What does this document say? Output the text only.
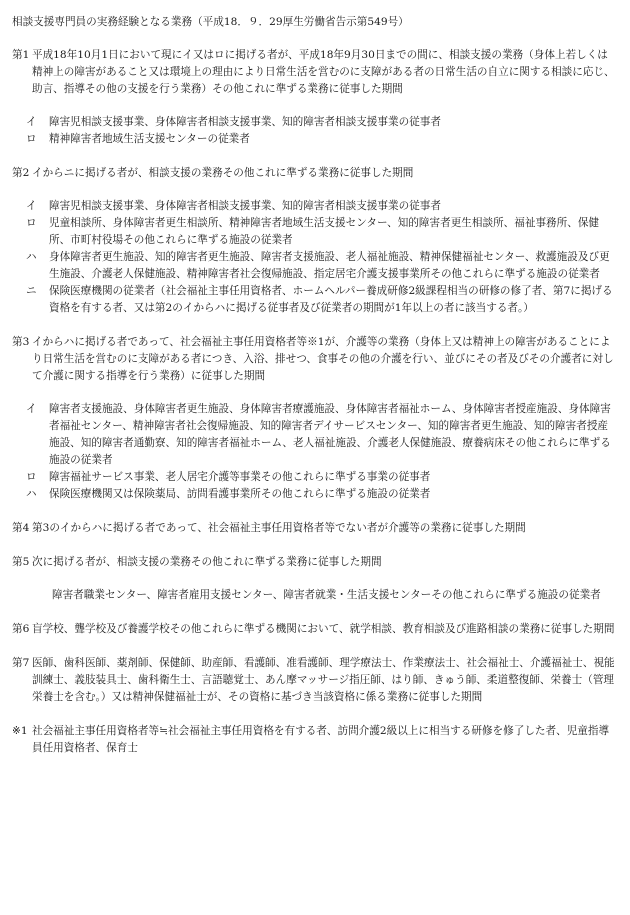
相談支援専門員の実務経験となる業務（平成18．９．29厚生労働省告示第549号）
第1 平成18年10月1日において現にイ又はロに掲げる者が、平成18年9月30日までの間に、相談支援の業務（身体上若しくは精神上の障害があること又は環境上の理由により日常生活を営むのに支障がある者の日常生活の自立に関する相談に応じ、助言、指導その他の支援を行う業務）その他これに準ずる業務に従事した期間
イ 障害児相談支援事業、身体障害者相談支援事業、知的障害者相談支援事業の従事者
ロ 精神障害者地域生活支援センターの従業者
第2 イからニに掲げる者が、相談支援の業務その他これに準ずる業務に従事した期間
イ 障害児相談支援事業、身体障害者相談支援事業、知的障害者相談支援事業の従事者
ロ 児童相談所、身体障害者更生相談所、精神障害者地域生活支援センター、知的障害者更生相談所、福祉事務所、保健所、市町村役場その他これらに準ずる施設の従業者
ハ 身体障害者更生施設、知的障害者更生施設、障害者支援施設、老人福祉施設、精神保健福祉センター、救護施設及び更生施設、介護老人保健施設、精神障害者社会復帰施設、指定居宅介護支援事業所その他これらに準ずる施設の従業者
ニ 保険医療機関の従業者（社会福祉主事任用資格者、ホームヘルパー養成研修2級課程相当の研修の修了者、第7に掲げる資格を有する者、又は第2のイからハに掲げる従事者及び従業者の期間が1年以上の者に該当する者。）
第3 イからハに掲げる者であって、社会福祉主事任用資格者等※1が、介護等の業務（身体上又は精神上の障害があることにより日常生活を営むのに支障がある者につき、入浴、排せつ、食事その他の介護を行い、並びにその者及びその介護者に対して介護に関する指導を行う業務）に従事した期間
イ 障害者支援施設、身体障害者更生施設、身体障害者療護施設、身体障害者福祉ホーム、身体障害者授産施設、身体障害者福祉センター、精神障害者社会復帰施設、知的障害者デイサービスセンター、知的障害者更生施設、知的障害者授産施設、知的障害者通勤寮、知的障害者福祉ホーム、老人福祉施設、介護老人保健施設、療養病床その他これらに準ずる施設の従業者
ロ 障害福祉サービス事業、老人居宅介護等事業その他これらに準ずる事業の従事者
ハ 保険医療機関又は保険薬局、訪問看護事業所その他これらに準ずる施設の従業者
第4 第3のイからハに掲げる者であって、社会福祉主事任用資格者等でない者が介護等の業務に従事した期間
第5 次に掲げる者が、相談支援の業務その他これに準ずる業務に従事した期間
障害者職業センター、障害者雇用支援センター、障害者就業・生活支援センターその他これらに準ずる施設の従業者
第6 盲学校、聾学校及び養護学校その他これらに準ずる機関において、就学相談、教育相談及び進路相談の業務に従事した期間
第7 医師、歯科医師、薬剤師、保健師、助産師、看護師、准看護師、理学療法士、作業療法士、社会福祉士、介護福祉士、視能訓練士、義肢装具士、歯科衛生士、言語聴覚士、あん摩マッサージ指圧師、はり師、きゅう師、柔道整復師、栄養士（管理栄養士を含む。）又は精神保健福祉士が、その資格に基づき当該資格に係る業務に従事した期間
※1 社会福祉主事任用資格者等≒社会福祉主事任用資格を有する者、訪問介護2級以上に相当する研修を修了した者、児童指導員任用資格者、保育士
